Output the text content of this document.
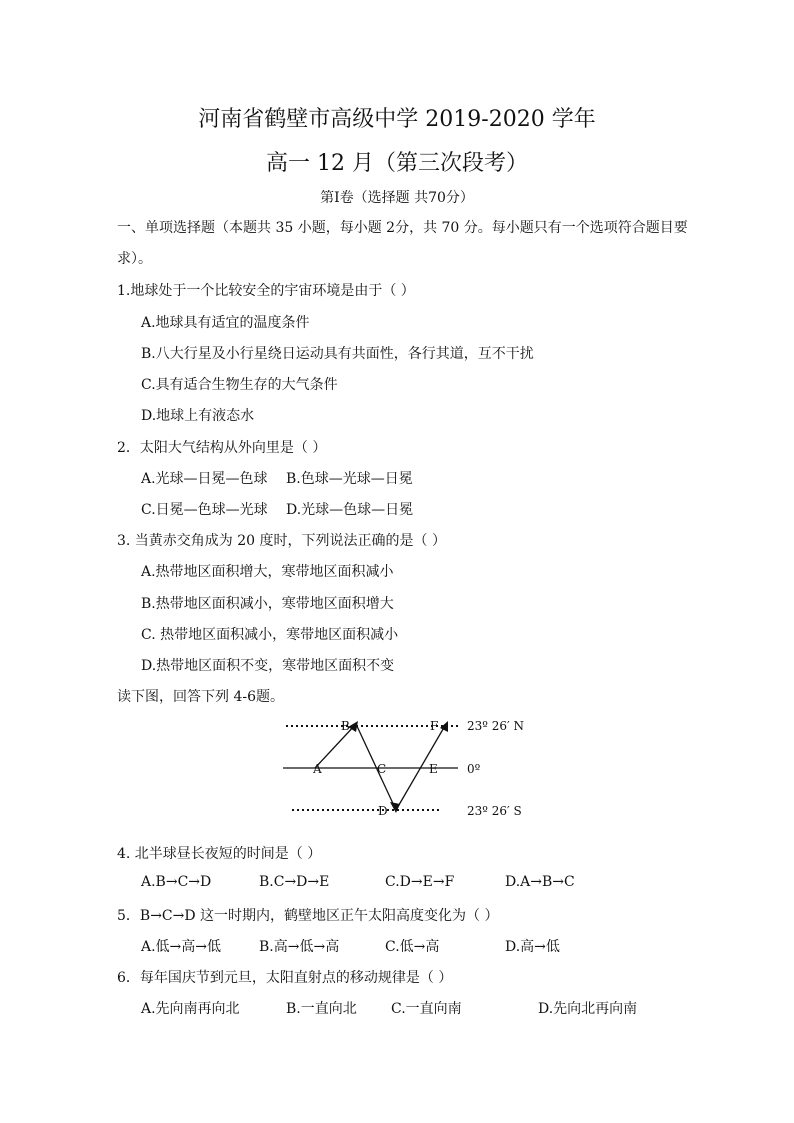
河南省鹤壁市高级中学 2019-2020 学年
高一 12 月（第三次段考）
第Ⅰ卷（选择题 共70分）
一、单项选择题（本题共 35 小题，每小题 2分，共 70 分。每小题只有一个选项符合题目要
求）。
1.地球处于一个比较安全的宇宙环境是由于（ ）
A.地球具有适宜的温度条件
B.八大行星及小行星绕日运动具有共面性，各行其道，互不干扰
C.具有适合生物生存的大气条件
D.地球上有液态水
2．太阳大气结构从外向里是（ ）
A.光球—日冕—色球 B.色球—光球—日冕
C.日冕—色球—光球 D.光球—色球—日冕
3. 当黄赤交角成为 20 度时，下列说法正确的是（ ）
A.热带地区面积增大，寒带地区面积减小
B.热带地区面积减小，寒带地区面积增大
C. 热带地区面积减小，寒带地区面积减小
D.热带地区面积不变，寒带地区面积不变
读下图，回答下列 4-6题。
A
B
C
D
E
F 23º 26′ N
0º
23º 26′ S
4. 北半球昼长夜短的时间是（ ）
A.B→C→D	B.C→D→E	C.D→E→F	D.A→B→C
5．B→C→D 这一时期内，鹤壁地区正午太阳高度变化为（ ）
A.低→高→低	B.高→低→高	C.低→高	D.高→低
6．每年国庆节到元旦，太阳直射点的移动规律是（ ）
A.先向南再向北	B.一直向北 C.一直向南	D.先向北再向南
